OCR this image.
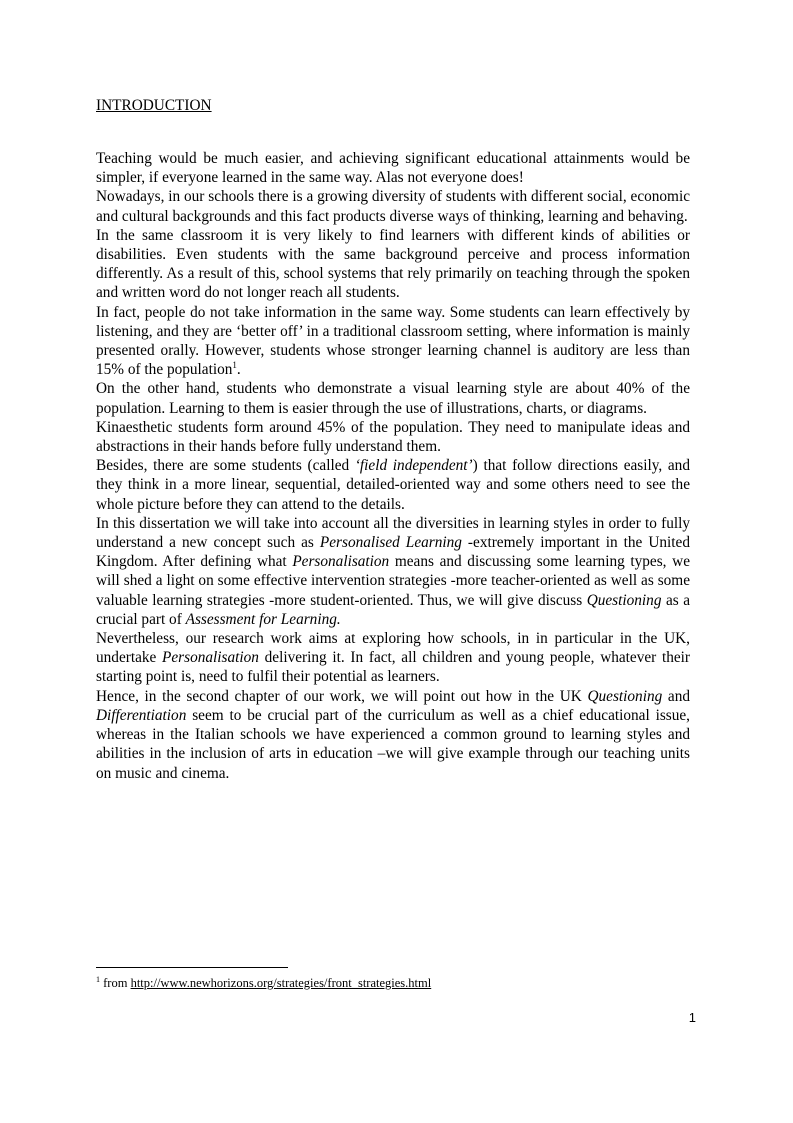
INTRODUCTION

Teaching would be much easier, and achieving significant educational attainments would be simpler, if everyone learned in the same way. Alas not everyone does!

Nowadays, in our schools there is a growing diversity of students with different social, economic and cultural backgrounds and this fact products diverse ways of thinking, learning and behaving.

In the same classroom it is very likely to find learners with different kinds of abilities or disabilities. Even students with the same background perceive and process information differently. As a result of this, school systems that rely primarily on teaching through the spoken and written word do not longer reach all students.

In fact, people do not take information in the same way. Some students can learn effectively by listening, and they are ‘better off’ in a traditional classroom setting, where information is mainly presented orally. However, students whose stronger learning channel is auditory are less than 15% of the population$^1$.

On the other hand, students who demonstrate a visual learning style are about 40% of the population. Learning to them is easier through the use of illustrations, charts, or diagrams.

Kinaesthetic students form around 45% of the population. They need to manipulate ideas and abstractions in their hands before fully understand them.

Besides, there are some students (called ‘field independent’) that follow directions easily, and they think in a more linear, sequential, detailed-oriented way and some others need to see the whole picture before they can attend to the details.

In this dissertation we will take into account all the diversities in learning styles in order to fully understand a new concept such as Personalised Learning -extremely important in the United Kingdom. After defining what Personalisation means and discussing some learning types, we will shed a light on some effective intervention strategies -more teacher-oriented as well as some valuable learning strategies -more student-oriented. Thus, we will give discuss Questioning as a crucial part of Assessment for Learning.

Nevertheless, our research work aims at exploring how schools, in in particular in the UK, undertake Personalisation delivering it. In fact, all children and young people, whatever their starting point is, need to fulfil their potential as learners.

Hence, in the second chapter of our work, we will point out how in the UK Questioning and Differentiation seem to be crucial part of the curriculum as well as a chief educational issue, whereas in the Italian schools we have experienced a common ground to learning styles and abilities in the inclusion of arts in education –we will give example through our teaching units on music and cinema.

$^1$ from http://www.newhorizons.org/strategies/front_strategies.html
1
